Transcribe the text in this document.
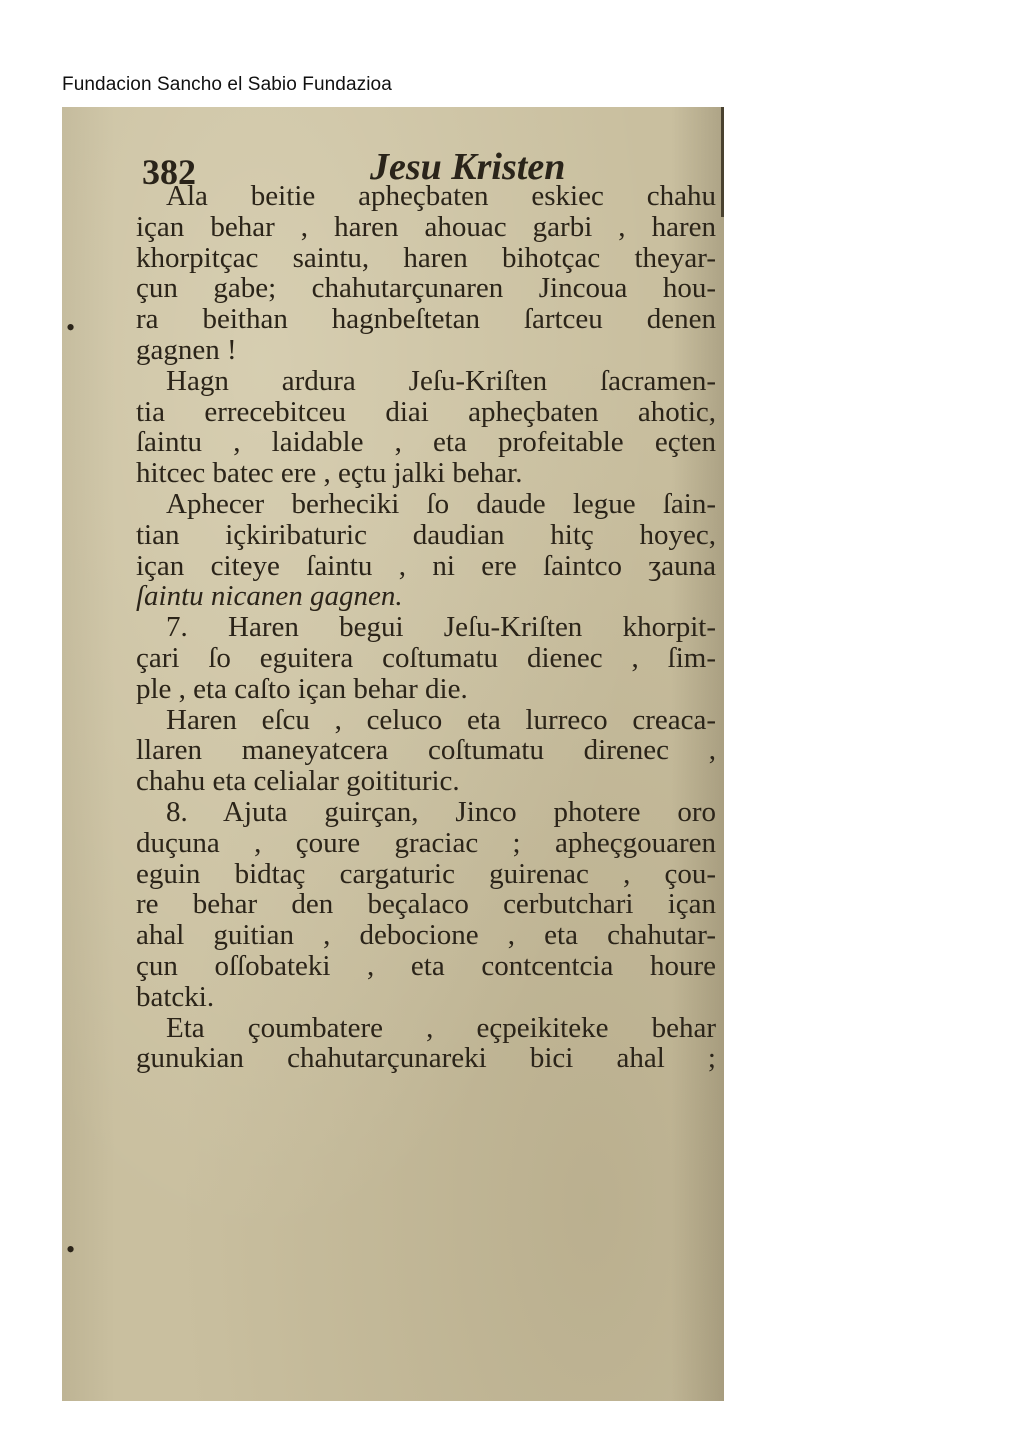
Fundacion Sancho el Sabio Fundazioa
382	Jesu Kristen
Ala beitie apheçbaten eskiec chahu
içan behar , haren ahouac garbi , haren
khorpitçac saintu, haren bihotçac theyar-
çun gabe; chahutarçunaren Jincoua hou-
ra beithan hagnbeſtetan ſartceu denen
gagnen !
Hagn ardura Jeſu-Kriſten ſacramen-
tia errecebitceu diai apheçbaten ahotic,
ſaintu , laidable , eta profeitable eçten
hitcec batec ere , eçtu jalki behar.
Aphecer berheciki ſo daude legue ſain-
tian içkiribaturic daudian hitç hoyec,
içan citeye ſaintu , ni ere ſaintco ʒauna
ſaintu nicanen gagnen.
7. Haren begui Jeſu-Kriſten khorpit-
çari ſo eguitera coſtumatu dienec , ſim-
ple , eta caſto içan behar die.
Haren eſcu , celuco eta lurreco creaca-
llaren maneyatcera coſtumatu direnec ,
chahu eta celialar goitituric.
8. Ajuta guirçan, Jinco photere oro
duçuna , çoure graciac ; apheçgouaren
eguin bidtaç cargaturic guirenac , çou-
re behar den beçalaco cerbutchari içan
ahal guitian , debocione , eta chahutar-
çun oſſobateki , eta contcentcia houre
batcki.
Eta çoumbatere , eçpeikiteke behar
gunukian chahutarçunareki bici ahal ;
•
•
